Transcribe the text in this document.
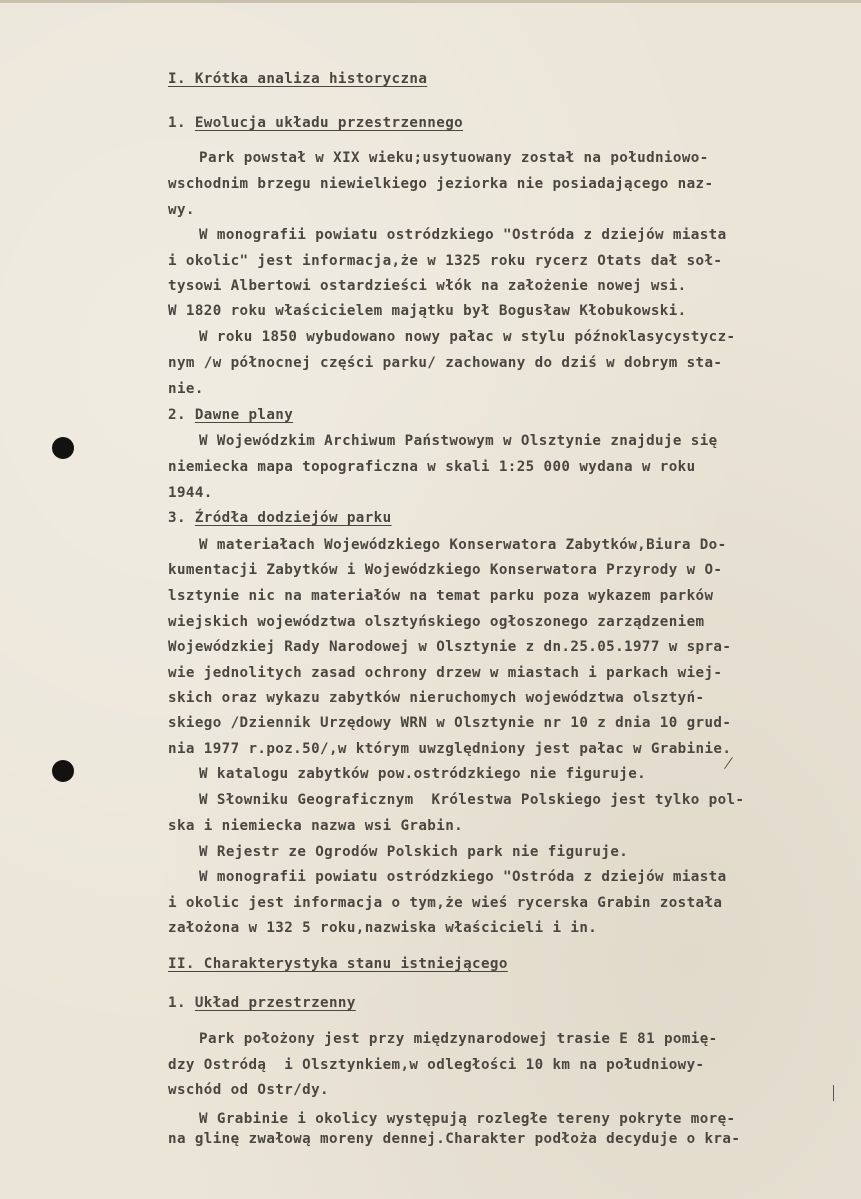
I. Krótka analiza historyczna

1. Ewolucja układu przestrzennego

Park powstał w XIX wieku;usytuowany został na południowo-

wschodnim brzegu niewielkiego jeziorka nie posiadającego naz-

wy.

W monografii powiatu ostródzkiego "Ostróda z dziejów miasta

i okolic" jest informacja,że w 1325 roku rycerz Otats dał soł-

tysowi Albertowi ostardzieści włók na założenie nowej wsi.

W 1820 roku właścicielem majątku był Bogusław Kłobukowski.

W roku 1850 wybudowano nowy pałac w stylu późnoklasycystycz-

nym /w północnej części parku/ zachowany do dziś w dobrym sta-

nie.

2. Dawne plany

W Wojewódzkim Archiwum Państwowym w Olsztynie znajduje się

niemiecka mapa topograficzna w skali 1:25 000 wydana w roku

1944.

3. Źródła dodziejów parku

W materiałach Wojewódzkiego Konserwatora Zabytków,Biura Do-

kumentacji Zabytków i Wojewódzkiego Konserwatora Przyrody w O-

lsztynie nic na materiałów na temat parku poza wykazem parków

wiejskich województwa olsztyńskiego ogłoszonego zarządzeniem

Wojewódzkiej Rady Narodowej w Olsztynie z dn.25.05.1977 w spra-

wie jednolitych zasad ochrony drzew w miastach i parkach wiej-

skich oraz wykazu zabytków nieruchomych województwa olsztyń-

skiego /Dziennik Urzędowy WRN w Olsztynie nr 10 z dnia 10 grud-

nia 1977 r.poz.50/,w którym uwzględniony jest pałac w Grabinie.

W katalogu zabytków pow.ostródzkiego nie figuruje.

W Słowniku Geograficznym  Królestwa Polskiego jest tylko pol-

ska i niemiecka nazwa wsi Grabin.

W Rejestr ze Ogrodów Polskich park nie figuruje.

W monografii powiatu ostródzkiego "Ostróda z dziejów miasta

i okolic jest informacja o tym,że wieś rycerska Grabin została

założona w 132 5 roku,nazwiska właścicieli i in.

II. Charakterystyka stanu istniejącego

1. Układ przestrzenny

Park położony jest przy międzynarodowej trasie E 81 pomię-

dzy Ostródą  i Olsztynkiem,w odległości 10 km na południowy-

wschód od Ostr/dy.

W Grabinie i okolicy występują rozległe tereny pokryte morę-

na glinę zwałową moreny dennej.Charakter podłoża decyduje o kra-
